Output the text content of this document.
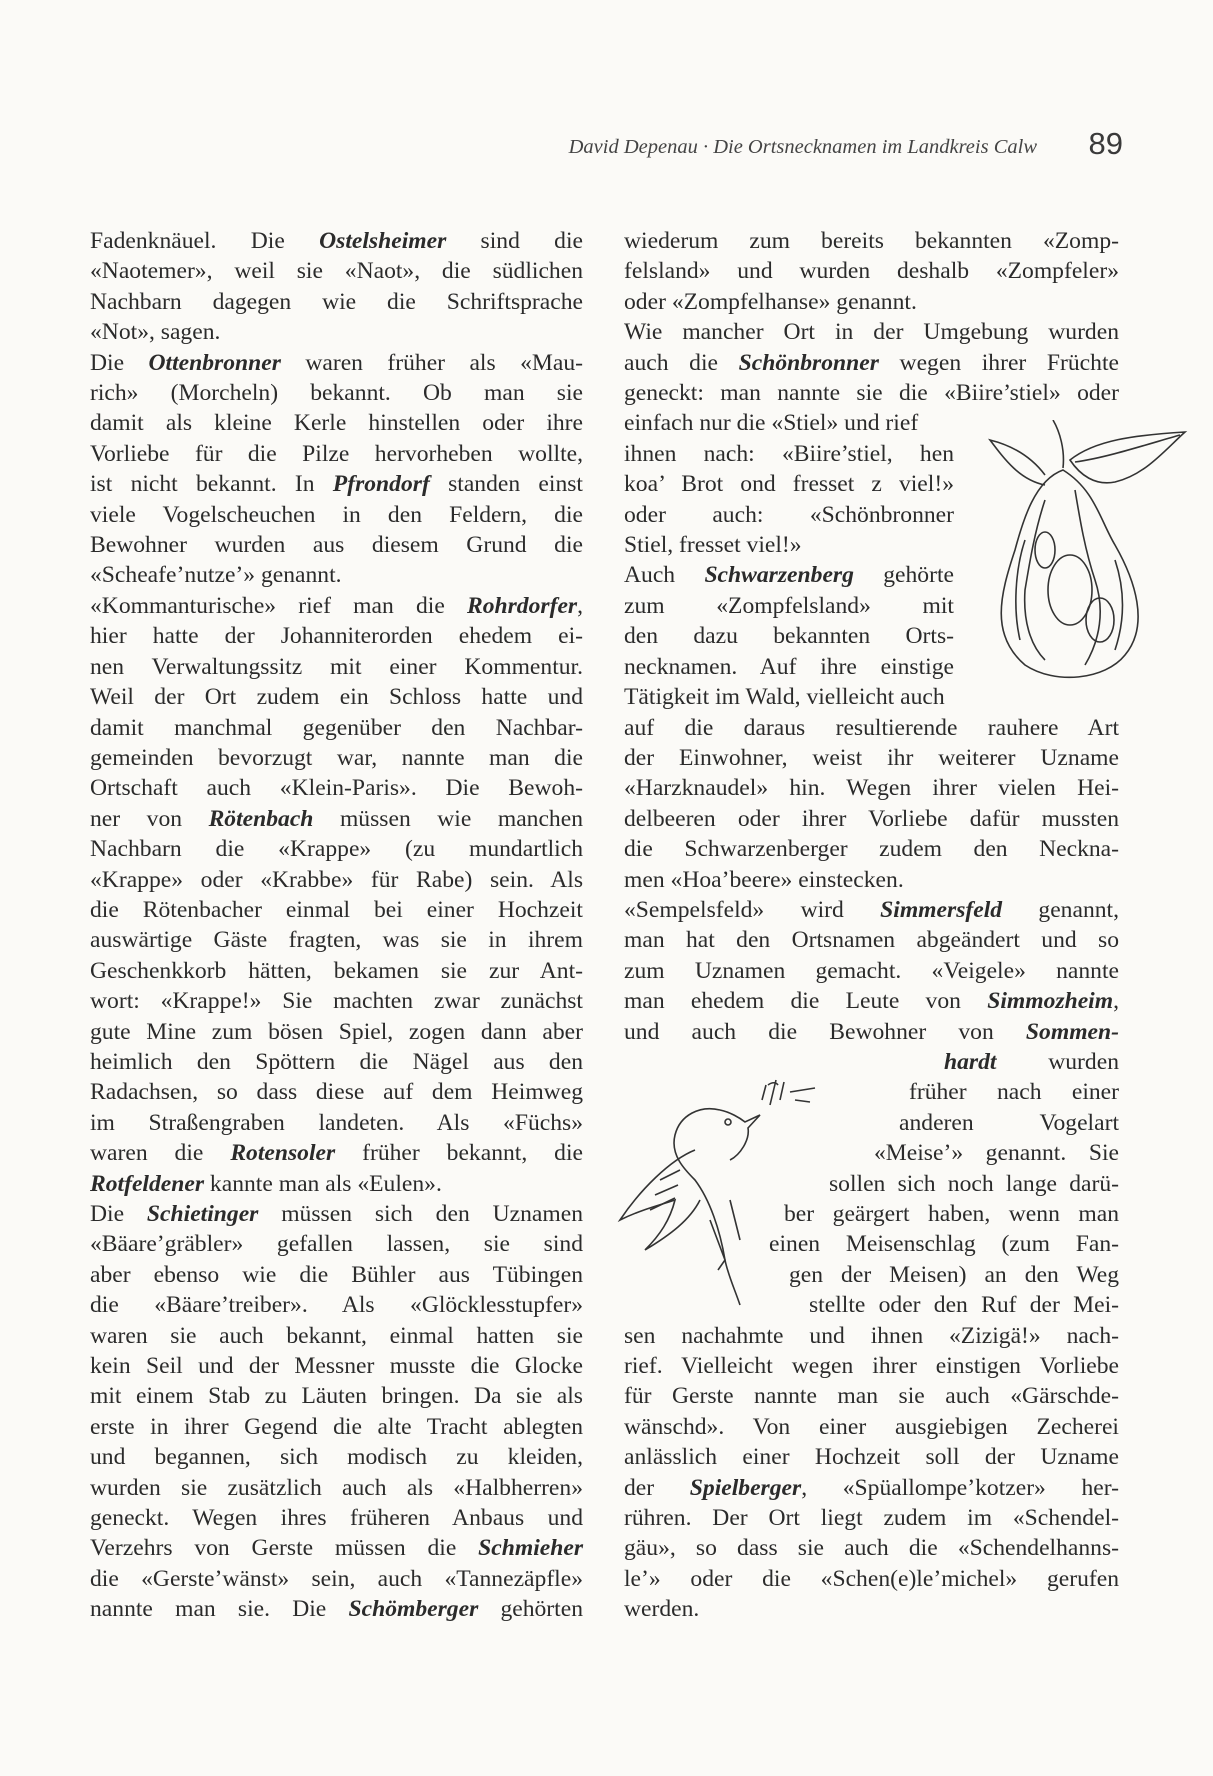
David Depenau · Die Ortsnecknamen im Landkreis Calw 89

Fadenknäuel. Die Ostelsheimer sind die
«Naotemer», weil sie «Naot», die südlichen
Nachbarn dagegen wie die Schriftsprache
«Not», sagen.

Die Ottenbronner waren früher als «Mau-
rich» (Morcheln) bekannt. Ob man sie
damit als kleine Kerle hinstellen oder ihre
Vorliebe für die Pilze hervorheben wollte,
ist nicht bekannt. In Pfrondorf standen einst
viele Vogelscheuchen in den Feldern, die
Bewohner wurden aus diesem Grund die
«Scheafe’nutze’» genannt.

«Kommanturische» rief man die Rohrdorfer,
hier hatte der Johanniterorden ehedem ei-
nen Verwaltungssitz mit einer Kommentur.
Weil der Ort zudem ein Schloss hatte und
damit manchmal gegenüber den Nachbar-
gemeinden bevorzugt war, nannte man die
Ortschaft auch «Klein-Paris». Die Bewoh-
ner von Rötenbach müssen wie manchen
Nachbarn die «Krappe» (zu mundartlich
«Krappe» oder «Krabbe» für Rabe) sein. Als
die Rötenbacher einmal bei einer Hochzeit
auswärtige Gäste fragten, was sie in ihrem
Geschenkkorb hätten, bekamen sie zur Ant-
wort: «Krappe!» Sie machten zwar zunächst
gute Mine zum bösen Spiel, zogen dann aber
heimlich den Spöttern die Nägel aus den
Radachsen, so dass diese auf dem Heimweg
im Straßengraben landeten. Als «Füchs»
waren die Rotensoler früher bekannt, die
Rotfeldener kannte man als «Eulen».

Die Schietinger müssen sich den Uznamen
«Bäare’gräbler» gefallen lassen, sie sind
aber ebenso wie die Bühler aus Tübingen
die «Bäare’treiber». Als «Glöcklesstupfer»
waren sie auch bekannt, einmal hatten sie
kein Seil und der Messner musste die Glocke
mit einem Stab zu Läuten bringen. Da sie als
erste in ihrer Gegend die alte Tracht ablegten
und begannen, sich modisch zu kleiden,
wurden sie zusätzlich auch als «Halbherren»
geneckt. Wegen ihres früheren Anbaus und
Verzehrs von Gerste müssen die Schmieher
die «Gerste’wänst» sein, auch «Tannezäpfle»
nannte man sie. Die Schömberger gehörten

wiederum zum bereits bekannten «Zomp-
felsland» und wurden deshalb «Zompfeler»
oder «Zompfelhanse» genannt.

Wie mancher Ort in der Umgebung wurden
auch die Schönbronner wegen ihrer Früchte
geneckt: man nannte sie die «Biire’stiel» oder
einfach nur die «Stiel» und rief
ihnen nach: «Biire’stiel, hen
koa’ Brot ond fresset z viel!»
oder auch: «Schönbronner
Stiel, fresset viel!»

Auch Schwarzenberg gehörte
zum «Zompfelsland» mit
den dazu bekannten Orts-
necknamen. Auf ihre einstige
Tätigkeit im Wald, vielleicht auch
auf die daraus resultierende rauhere Art
der Einwohner, weist ihr weiterer Uzname
«Harzknaudel» hin. Wegen ihrer vielen Hei-
delbeeren oder ihrer Vorliebe dafür mussten
die Schwarzenberger zudem den Neckna-
men «Hoa’beere» einstecken.

«Sempelsfeld» wird Simmersfeld genannt,
man hat den Ortsnamen abgeändert und so
zum Uznamen gemacht. «Veigele» nannte
man ehedem die Leute von Simmozheim,
und auch die Bewohner von Sommen-
hardt wurden
früher nach einer
anderen Vogelart
«Meise’» genannt. Sie
sollen sich noch lange darü-
ber geärgert haben, wenn man
einen Meisenschlag (zum Fan-
gen der Meisen) an den Weg
stellte oder den Ruf der Mei-
sen nachahmte und ihnen «Zizigä!» nach-
rief. Vielleicht wegen ihrer einstigen Vorliebe
für Gerste nannte man sie auch «Gärschde-
wänschd». Von einer ausgiebigen Zecherei
anlässlich einer Hochzeit soll der Uzname
der Spielberger, «Spüallompe’kotzer» her-
rühren. Der Ort liegt zudem im «Schendel-
gäu», so dass sie auch die «Schendelhanns-
le’» oder die «Schen(e)le’michel» gerufen
werden.
